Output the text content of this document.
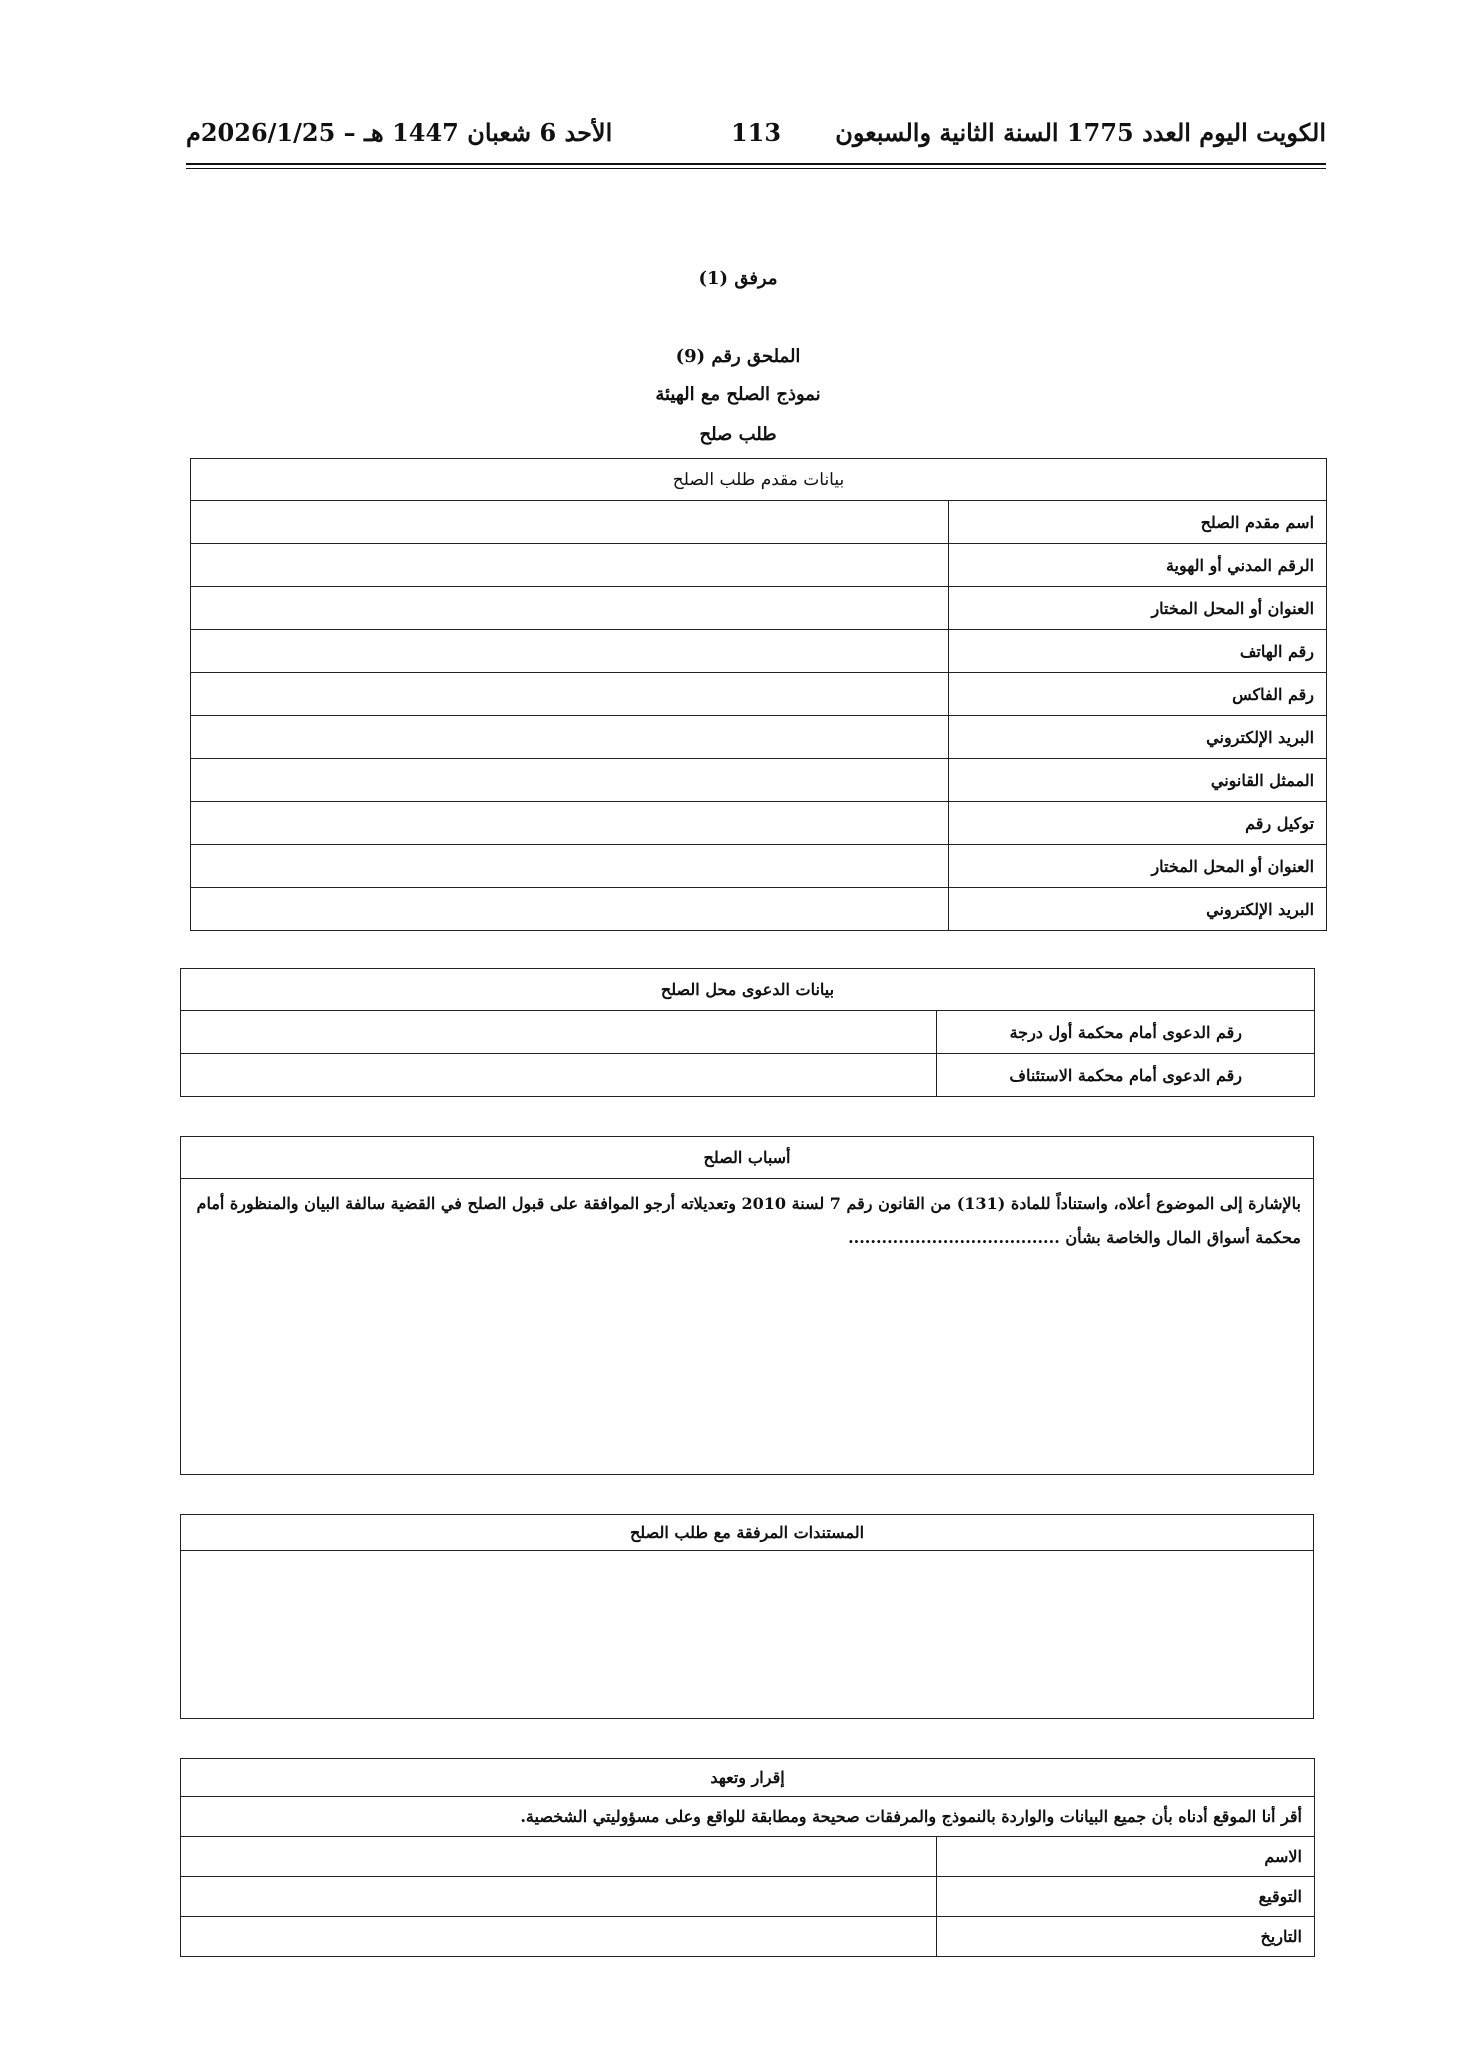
الكويت اليوم العدد 1775 السنة الثانية والسبعون
113
الأحد 6 شعبان 1447 هـ – 2026/1/25م
مرفق (1)
الملحق رقم (9)
نموذج الصلح مع الهيئة
طلب صلح
بيانات مقدم طلب الصلح	
اسم مقدم الصلح	
الرقم المدني أو الهوية	
العنوان أو المحل المختار	
رقم الهاتف	
رقم الفاكس	
البريد الإلكتروني	
الممثل القانوني	
توكيل رقم	
العنوان أو المحل المختار	
البريد الإلكتروني	
بيانات الدعوى محل الصلح	
رقم الدعوى أمام محكمة أول درجة	
رقم الدعوى أمام محكمة الاستئناف	
أسباب الصلح
بالإشارة إلى الموضوع أعلاه، واستناداً للمادة (131) من القانون رقم 7 لسنة 2010 وتعديلاته أرجو الموافقة على قبول الصلح في القضية سالفة البيان والمنظورة أمام محكمة أسواق المال والخاصة بشأن ......................................
المستندات المرفقة مع طلب الصلح

إقرار وتعهد	
أقر أنا الموقع أدناه بأن جميع البيانات والواردة بالنموذج والمرفقات صحيحة ومطابقة للواقع وعلى مسؤوليتي الشخصية.	
الاسم	
التوقيع	
التاريخ	
